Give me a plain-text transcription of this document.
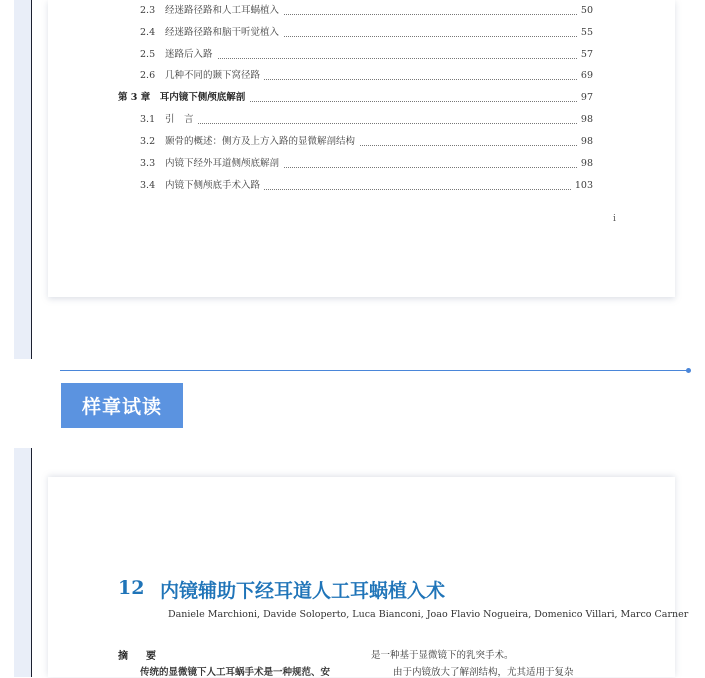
2.3 经迷路径路和人工耳蜗植入	50
2.4 经迷路径路和脑干听觉植入	55
2.5 迷路后入路	57
2.6 几种不同的颞下窝径路	69
第 3 章　耳内镜下侧颅底解剖	97
3.1 引　言	98
3.2 颞骨的概述：侧方及上方入路的显微解剖结构	98
3.3 内镜下经外耳道侧颅底解剖	98
3.4 内镜下侧颅底手术入路	103
i
样章试读
12 内镜辅助下经耳道人工耳蜗植入术
Daniele Marchioni, Davide Soloperto, Luca Bianconi, Joao Flavio Nogueira, Domenico Villari, Marco Carner
摘　要
传统的显微镜下人工耳蜗手术是一种规范、安
是一种基于显微镜下的乳突手术。
由于内镜放大了解剖结构，尤其适用于复杂
